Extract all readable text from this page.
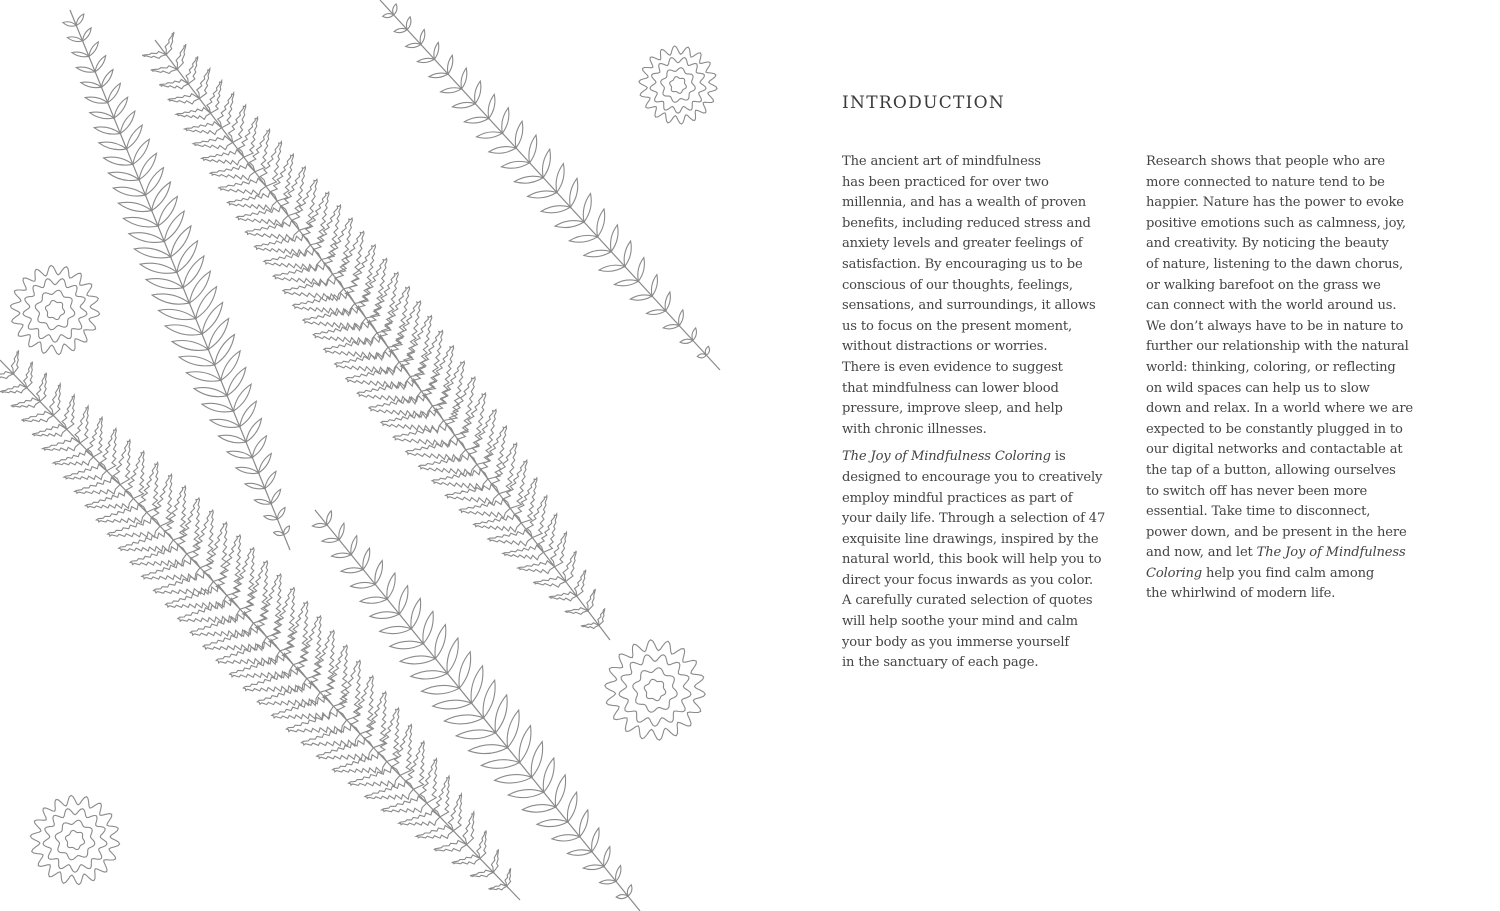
INTRODUCTION

The ancient art of mindfulness
has been practiced for over two
millennia, and has a wealth of proven
benefits, including reduced stress and
anxiety levels and greater feelings of
satisfaction. By encouraging us to be
conscious of our thoughts, feelings,
sensations, and surroundings, it allows
us to focus on the present moment,
without distractions or worries.
There is even evidence to suggest
that mindfulness can lower blood
pressure, improve sleep, and help
with chronic illnesses.

The Joy of Mindfulness Coloring is
designed to encourage you to creatively
employ mindful practices as part of
your daily life. Through a selection of 47
exquisite line drawings, inspired by the
natural world, this book will help you to
direct your focus inwards as you color.
A carefully curated selection of quotes
will help soothe your mind and calm
your body as you immerse yourself
in the sanctuary of each page.

Research shows that people who are
more connected to nature tend to be
happier. Nature has the power to evoke
positive emotions such as calmness, joy,
and creativity. By noticing the beauty
of nature, listening to the dawn chorus,
or walking barefoot on the grass we
can connect with the world around us.
We don’t always have to be in nature to
further our relationship with the natural
world: thinking, coloring, or reflecting
on wild spaces can help us to slow
down and relax. In a world where we are
expected to be constantly plugged in to
our digital networks and contactable at
the tap of a button, allowing ourselves
to switch off has never been more
essential. Take time to disconnect,
power down, and be present in the here
and now, and let The Joy of Mindfulness
Coloring help you find calm among
the whirlwind of modern life.
